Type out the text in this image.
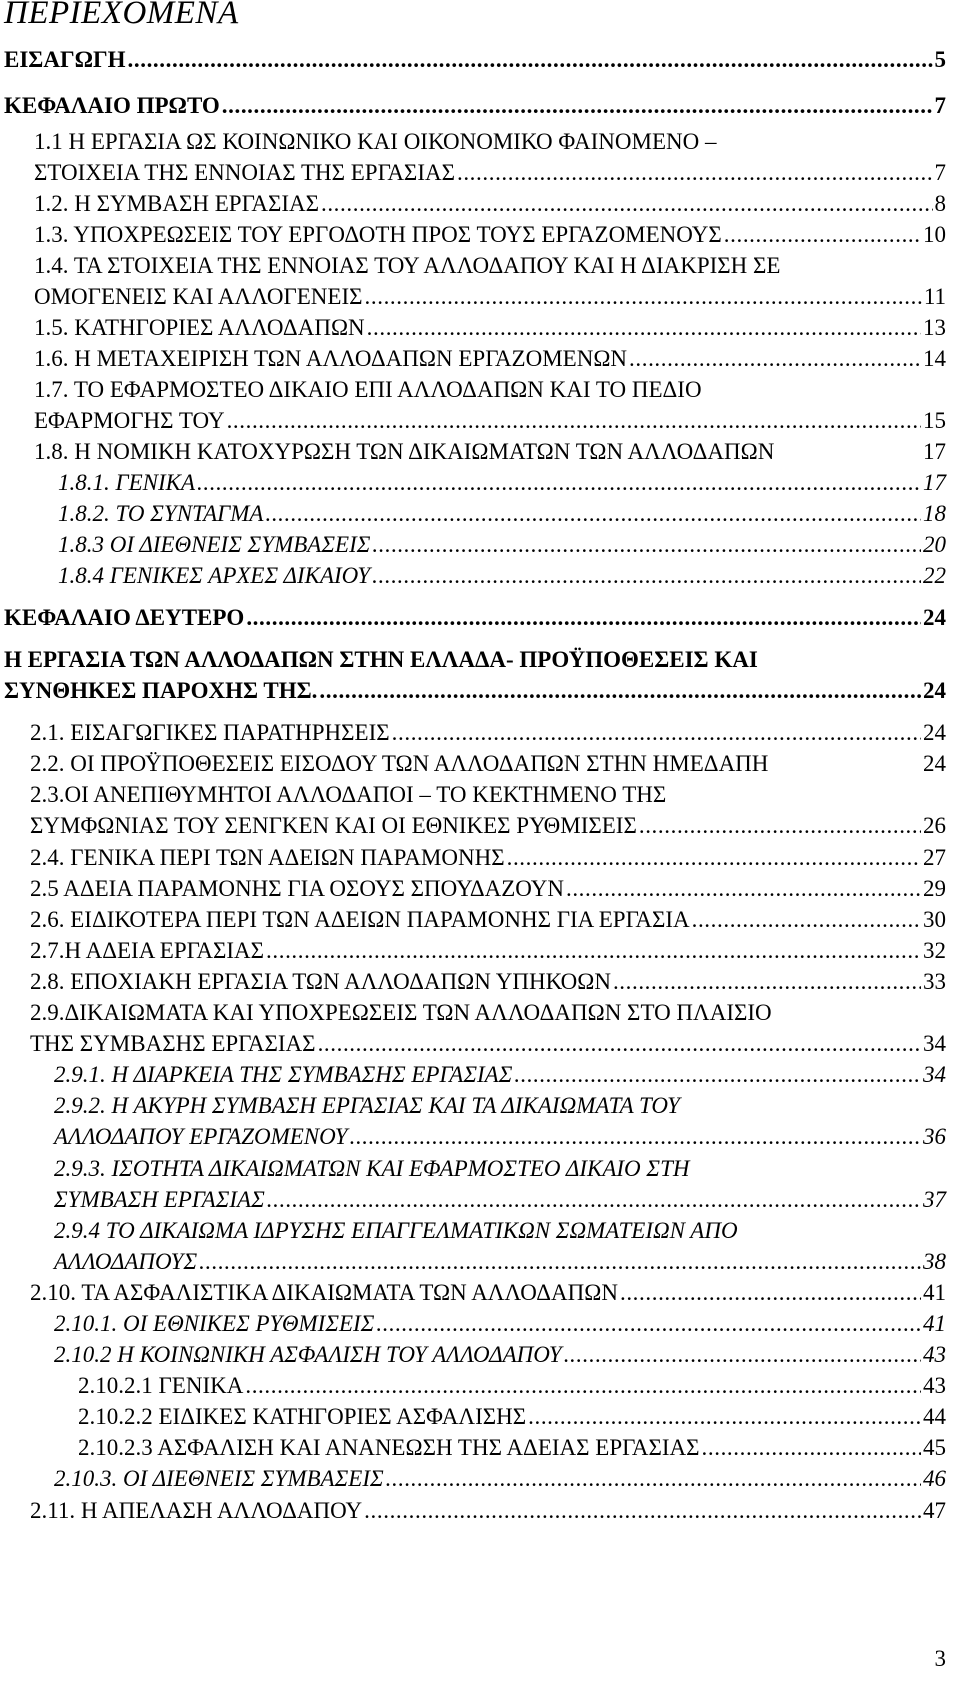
ΠΕΡΙΕΧΟΜΕΝΑ
ΕΙΣΑΓΩΓΗ .....	5
ΚΕΦΑΛΑΙΟ ΠΡΩΤΟ .....	7
1.1 Η ΕΡΓΑΣΙΑ ΩΣ ΚΟΙΝΩΝΙΚΟ ΚΑΙ ΟΙΚΟΝΟΜΙΚΟ ΦΑΙΝΟΜΕΝΟ –
ΣΤΟΙΧΕΙΑ ΤΗΣ ΕΝΝΟΙΑΣ ΤΗΣ ΕΡΓΑΣΙΑΣ .....	7
1.2. Η ΣΥΜΒΑΣΗ ΕΡΓΑΣΙΑΣ .....	8
1.3. ΥΠΟΧΡΕΩΣΕΙΣ ΤΟΥ ΕΡΓΟΔΟΤΗ ΠΡΟΣ ΤΟΥΣ ΕΡΓΑΖΟΜΕΝΟΥΣ .....	10
1.4. ΤΑ ΣΤΟΙΧΕΙΑ ΤΗΣ ΕΝΝΟΙΑΣ ΤΟΥ ΑΛΛΟΔΑΠΟΥ ΚΑΙ Η ΔΙΑΚΡΙΣΗ ΣΕ
ΟΜΟΓΕΝΕΙΣ ΚΑΙ ΑΛΛΟΓΕΝΕΙΣ .....	11
1.5. ΚΑΤΗΓΟΡΙΕΣ ΑΛΛΟΔΑΠΩΝ .....	13
1.6. Η ΜΕΤΑΧΕΙΡΙΣΗ ΤΩΝ ΑΛΛΟΔΑΠΩΝ ΕΡΓΑΖΟΜΕΝΩΝ .....	14
1.7. ΤΟ ΕΦΑΡΜΟΣΤΕΟ ΔΙΚΑΙΟ ΕΠΙ ΑΛΛΟΔΑΠΩΝ ΚΑΙ ΤΟ ΠΕΔΙΟ
ΕΦΑΡΜΟΓΗΣ ΤΟΥ .....	15
1.8. Η ΝΟΜΙΚΗ ΚΑΤΟΧΥΡΩΣΗ ΤΩΝ ΔΙΚΑΙΩΜΑΤΩΝ ΤΩΝ ΑΛΛΟΔΑΠΩΝ	17
1.8.1. ΓΕΝΙΚΑ .....	17
1.8.2. ΤΟ ΣΥΝΤΑΓΜΑ .....	18
1.8.3 ΟΙ ΔΙΕΘΝΕΙΣ ΣΥΜΒΑΣΕΙΣ .....	20
1.8.4 ΓΕΝΙΚΕΣ ΑΡΧΕΣ ΔΙΚΑΙΟΥ .....	22
ΚΕΦΑΛΑΙΟ ΔΕΥΤΕΡΟ .....	24
Η ΕΡΓΑΣΙΑ ΤΩΝ ΑΛΛΟΔΑΠΩΝ ΣΤΗΝ ΕΛΛΑΔΑ- ΠΡΟΫΠΟΘΕΣΕΙΣ ΚΑΙ
ΣΥΝΘΗΚΕΣ ΠΑΡΟΧΗΣ ΤΗΣ. .....	24
2.1. ΕΙΣΑΓΩΓΙΚΕΣ ΠΑΡΑΤΗΡΗΣΕΙΣ .....	24
2.2. ΟΙ ΠΡΟΫΠΟΘΕΣΕΙΣ ΕΙΣΟΔΟΥ ΤΩΝ ΑΛΛΟΔΑΠΩΝ ΣΤΗΝ ΗΜΕΔΑΠΗ	24
2.3.ΟΙ ΑΝΕΠΙΘΥΜΗΤΟΙ ΑΛΛΟΔΑΠΟΙ – ΤΟ ΚΕΚΤΗΜΕΝΟ ΤΗΣ
ΣΥΜΦΩΝΙΑΣ ΤΟΥ ΣΕΝΓΚΕΝ ΚΑΙ ΟΙ ΕΘΝΙΚΕΣ ΡΥΘΜΙΣΕΙΣ .....	26
2.4. ΓΕΝΙΚΑ ΠΕΡΙ ΤΩΝ ΑΔΕΙΩΝ ΠΑΡΑΜΟΝΗΣ .....	27
2.5 ΑΔΕΙΑ ΠΑΡΑΜΟΝΗΣ ΓΙΑ ΟΣΟΥΣ ΣΠΟΥΔΑΖΟΥΝ .....	29
2.6. ΕΙΔΙΚΟΤΕΡΑ ΠΕΡΙ ΤΩΝ ΑΔΕΙΩΝ ΠΑΡΑΜΟΝΗΣ ΓΙΑ ΕΡΓΑΣΙΑ .....	30
2.7.Η ΑΔΕΙΑ ΕΡΓΑΣΙΑΣ .....	32
2.8. ΕΠΟΧΙΑΚΗ ΕΡΓΑΣΙΑ ΤΩΝ ΑΛΛΟΔΑΠΩΝ ΥΠΗΚΟΩΝ .....	33
2.9.ΔΙΚΑΙΩΜΑΤΑ ΚΑΙ ΥΠΟΧΡΕΩΣΕΙΣ ΤΩΝ ΑΛΛΟΔΑΠΩΝ ΣΤΟ ΠΛΑΙΣΙΟ
ΤΗΣ ΣΥΜΒΑΣΗΣ ΕΡΓΑΣΙΑΣ .....	34
2.9.1. Η ΔΙΑΡΚΕΙΑ ΤΗΣ ΣΥΜΒΑΣΗΣ ΕΡΓΑΣΙΑΣ .....	34
2.9.2. Η ΑΚΥΡΗ ΣΥΜΒΑΣΗ ΕΡΓΑΣΙΑΣ ΚΑΙ ΤΑ ΔΙΚΑΙΩΜΑΤΑ ΤΟΥ
ΑΛΛΟΔΑΠΟΥ ΕΡΓΑΖΟΜΕΝΟΥ .....	36
2.9.3. ΙΣΟΤΗΤΑ ΔΙΚΑΙΩΜΑΤΩΝ ΚΑΙ ΕΦΑΡΜΟΣΤΕΟ ΔΙΚΑΙΟ ΣΤΗ
ΣΥΜΒΑΣΗ ΕΡΓΑΣΙΑΣ .....	37
2.9.4 ΤΟ ΔΙΚΑΙΩΜΑ ΙΔΡΥΣΗΣ ΕΠΑΓΓΕΛΜΑΤΙΚΩΝ ΣΩΜΑΤΕΙΩΝ ΑΠΟ
ΑΛΛΟΔΑΠΟΥΣ .....	38
2.10. ΤΑ ΑΣΦΑΛΙΣΤΙΚΑ ΔΙΚΑΙΩΜΑΤΑ ΤΩΝ ΑΛΛΟΔΑΠΩΝ .....	41
2.10.1. ΟΙ ΕΘΝΙΚΕΣ ΡΥΘΜΙΣΕΙΣ .....	41
2.10.2 Η ΚΟΙΝΩΝΙΚΗ ΑΣΦΑΛΙΣΗ ΤΟΥ ΑΛΛΟΔΑΠΟΥ .....	43
2.10.2.1 ΓΕΝΙΚΑ .....	43
2.10.2.2 ΕΙΔΙΚΕΣ ΚΑΤΗΓΟΡΙΕΣ ΑΣΦΑΛΙΣΗΣ .....	44
2.10.2.3 ΑΣΦΑΛΙΣΗ ΚΑΙ ΑΝΑΝΕΩΣΗ ΤΗΣ ΑΔΕΙΑΣ ΕΡΓΑΣΙΑΣ .....	45
2.10.3. ΟΙ ΔΙΕΘΝΕΙΣ ΣΥΜΒΑΣΕΙΣ .....	46
2.11. Η ΑΠΕΛΑΣΗ ΑΛΛΟΔΑΠΟΥ .....	47
3
